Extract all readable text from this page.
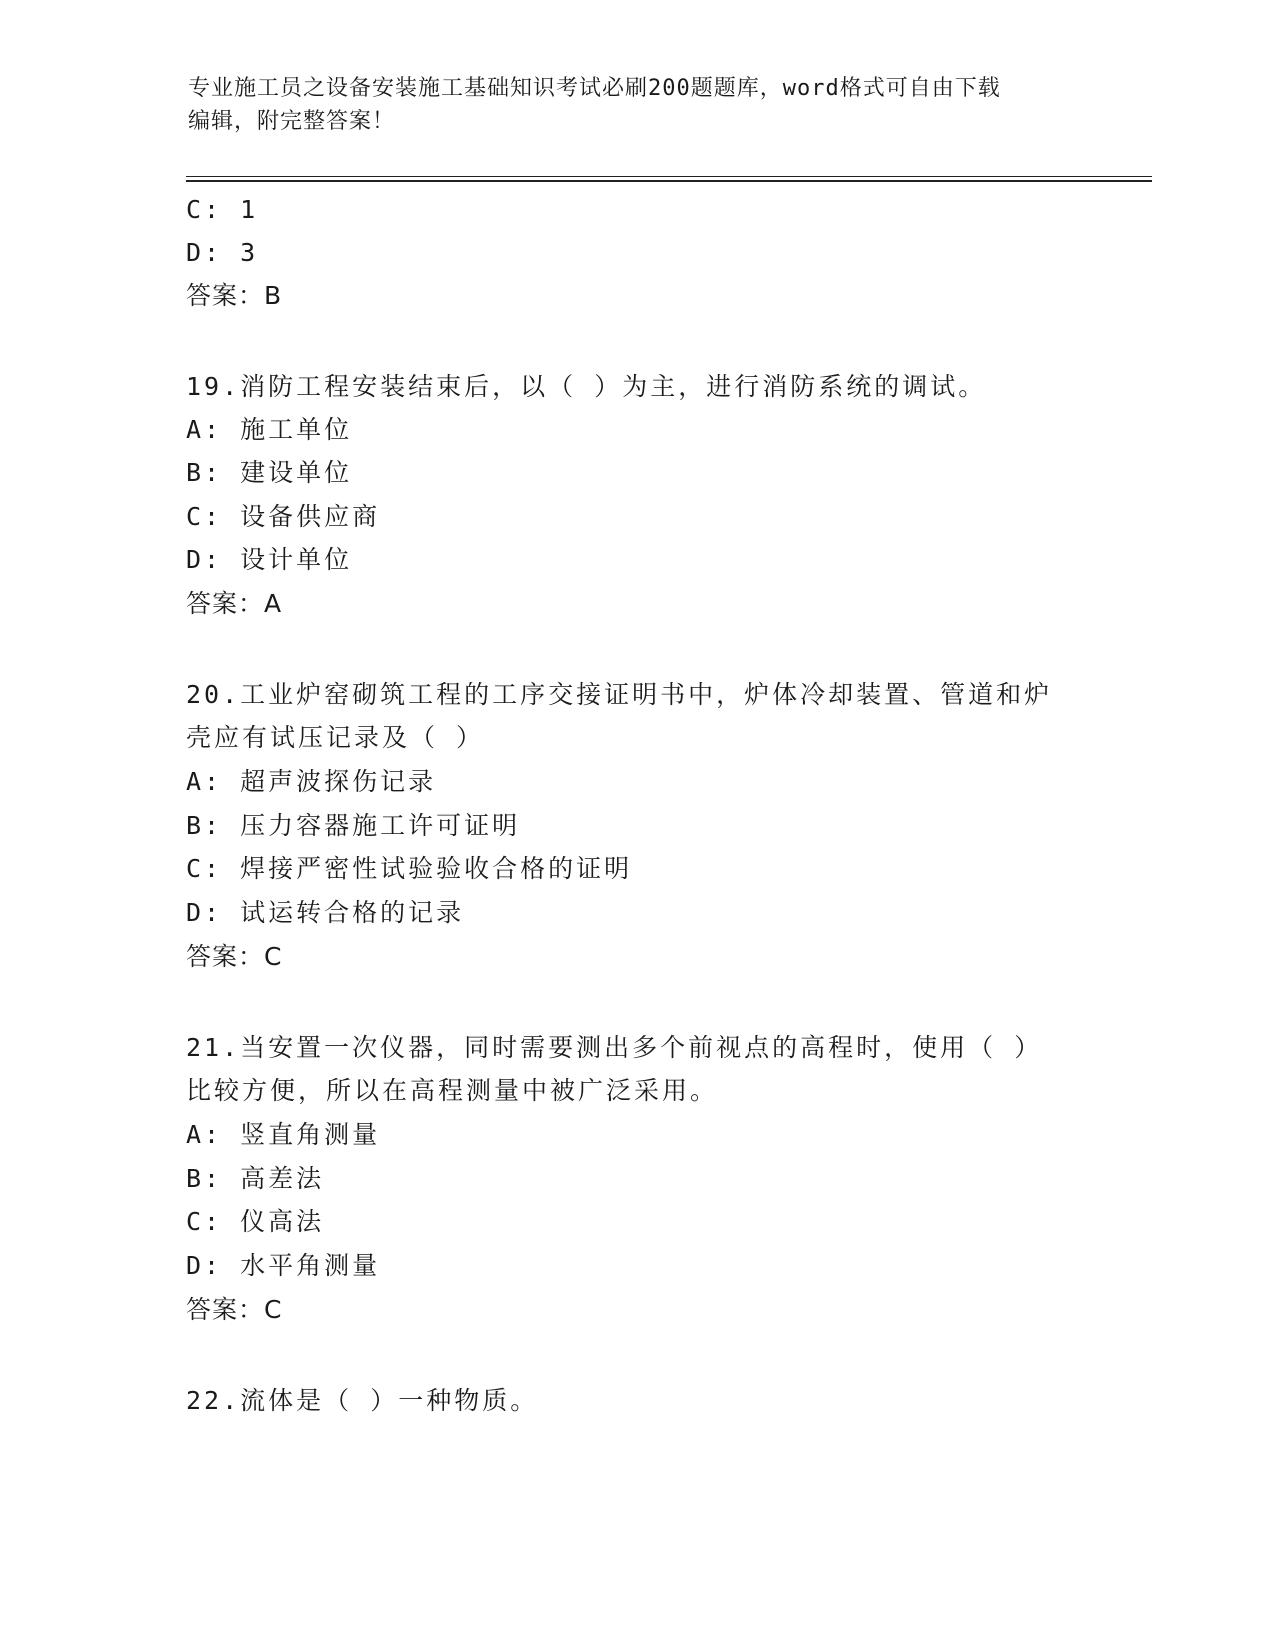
专业施工员之设备安装施工基础知识考试必刷200题题库，word格式可自由下载
编辑，附完整答案！
C: 1
D: 3
答案：B
19.消防工程安装结束后，以（ ）为主，进行消防系统的调试。
A: 施工单位
B: 建设单位
C: 设备供应商
D: 设计单位
答案：A
20.工业炉窑砌筑工程的工序交接证明书中，炉体冷却装置、管道和炉
壳应有试压记录及（ ）
A: 超声波探伤记录
B: 压力容器施工许可证明
C: 焊接严密性试验验收合格的证明
D: 试运转合格的记录
答案：C
21.当安置一次仪器，同时需要测出多个前视点的高程时，使用（ ）
比较方便，所以在高程测量中被广泛采用。
A: 竖直角测量
B: 高差法
C: 仪高法
D: 水平角测量
答案：C
22.流体是（ ）一种物质。
